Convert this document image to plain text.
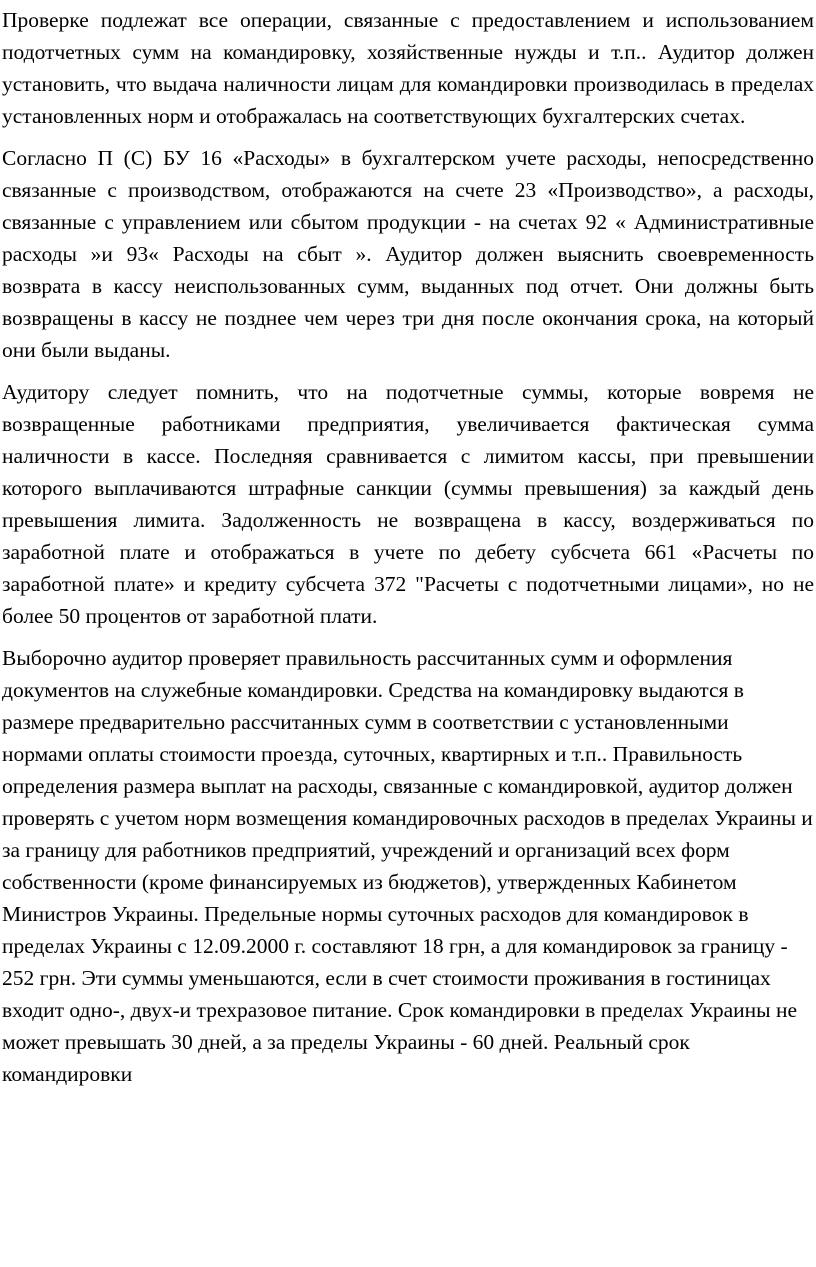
Проверке подлежат все операции, связанные с предоставлением и использованием подотчетных сумм на командировку, хозяйственные нужды и т.п.. Аудитор должен установить, что выдача наличности лицам для командировки производилась в пределах установленных норм и отображалась на соответствующих бухгалтерских счетах.

Согласно П (С) БУ 16 «Расходы» в бухгалтерском учете расходы, непосредственно связанные с производством, отображаются на счете 23 «Производство», а расходы, связанные с управлением или сбытом продукции - на счетах 92 « Административные расходы »и 93« Расходы на сбыт ». Аудитор должен выяснить своевременность возврата в кассу неиспользованных сумм, выданных под отчет. Они должны быть возвращены в кассу не позднее чем через три дня после окончания срока, на который они были выданы.

Аудитору следует помнить, что на подотчетные суммы, которые вовремя не возвращенные работниками предприятия, увеличивается фактическая сумма наличности в кассе. Последняя сравнивается с лимитом кассы, при превышении которого выплачиваются штрафные санкции (суммы превышения) за каждый день превышения лимита. Задолженность не возвращена в кассу, воздерживаться по заработной плате и отображаться в учете по дебету субсчета 661 «Расчеты по заработной плате» и кредиту субсчета 372 "Расчеты с подотчетными лицами», но не более 50 процентов от заработной плати.

Выборочно аудитор проверяет правильность рассчитанных сумм и оформления документов на служебные командировки. Средства на командировку выдаются в размере предварительно рассчитанных сумм в соответствии с установленными нормами оплаты стоимости проезда, суточных, квартирных и т.п.. Правильность определения размера выплат на расходы, связанные с командировкой, аудитор должен проверять с учетом норм возмещения командировочных расходов в пределах Украины и за границу для работников предприятий, учреждений и организаций всех форм собственности (кроме финансируемых из бюджетов), утвержденных Кабинетом Министров Украины. Предельные нормы суточных расходов для командировок в пределах Украины с 12.09.2000 г. составляют 18 грн, а для командировок за границу - 252 грн. Эти суммы уменьшаются, если в счет стоимости проживания в гостиницах входит одно-, двух-и трехразовое питание. Срок командировки в пределах Украины не может превышать 30 дней, а за пределы Украины - 60 дней. Реальный срок командировки
